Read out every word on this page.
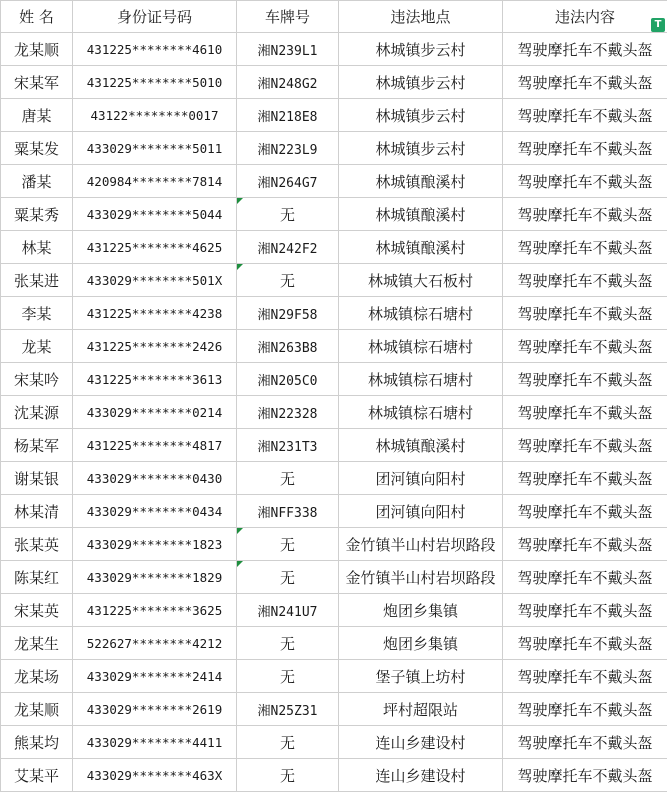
姓 名	身份证号码	车牌号	违法地点	违法内容
龙某顺	431225********4610	湘N239L1	林城镇步云村	驾驶摩托车不戴头盔
宋某军	431225********5010	湘N248G2	林城镇步云村	驾驶摩托车不戴头盔
唐某	43122********0017	湘N218E8	林城镇步云村	驾驶摩托车不戴头盔
粟某发	433029********5011	湘N223L9	林城镇步云村	驾驶摩托车不戴头盔
潘某	420984********7814	湘N264G7	林城镇酿溪村	驾驶摩托车不戴头盔
粟某秀	433029********5044	无	林城镇酿溪村	驾驶摩托车不戴头盔
林某	431225********4625	湘N242F2	林城镇酿溪村	驾驶摩托车不戴头盔
张某进	433029********501X	无	林城镇大石板村	驾驶摩托车不戴头盔
李某	431225********4238	湘N29F58	林城镇棕石塘村	驾驶摩托车不戴头盔
龙某	431225********2426	湘N263B8	林城镇棕石塘村	驾驶摩托车不戴头盔
宋某吟	431225********3613	湘N205C0	林城镇棕石塘村	驾驶摩托车不戴头盔
沈某源	433029********0214	湘N22328	林城镇棕石塘村	驾驶摩托车不戴头盔
杨某军	431225********4817	湘N231T3	林城镇酿溪村	驾驶摩托车不戴头盔
谢某银	433029********0430	无	团河镇向阳村	驾驶摩托车不戴头盔
林某清	433029********0434	湘NFF338	团河镇向阳村	驾驶摩托车不戴头盔
张某英	433029********1823	无	金竹镇半山村岩坝路段	驾驶摩托车不戴头盔
陈某红	433029********1829	无	金竹镇半山村岩坝路段	驾驶摩托车不戴头盔
宋某英	431225********3625	湘N241U7	炮团乡集镇	驾驶摩托车不戴头盔
龙某生	522627********4212	无	炮团乡集镇	驾驶摩托车不戴头盔
龙某场	433029********2414	无	堡子镇上坊村	驾驶摩托车不戴头盔
龙某顺	433029********2619	湘N25Z31	坪村超限站	驾驶摩托车不戴头盔
熊某均	433029********4411	无	连山乡建设村	驾驶摩托车不戴头盔
艾某平	433029********463X	无	连山乡建设村	驾驶摩托车不戴头盔
T
